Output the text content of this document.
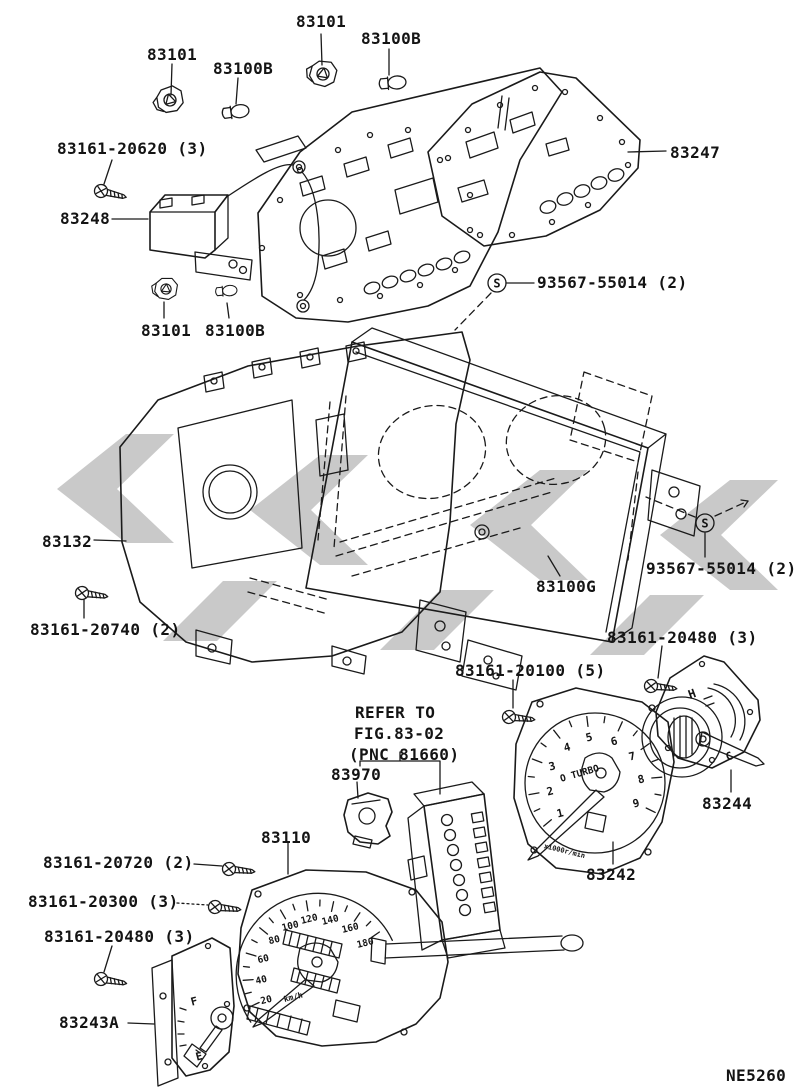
S
S
1
2
3
4
5 6
7
8
9
O TURBO
x1000r/min
H
C
20
40
60
80
100 120 140
160
180
km/h
F
E
83101
83100B
83101
83100B
83161-20620 (3)	83247
83248
83101 83100B
93567-55014 (2)
83132
93567-55014 (2)
83100G
83161-20740 (2)	83161-20480 (3)
83161-20100 (5)
REFER TO
FIG.83-02
(PNC 81660)
83970
83110
83244
83161-20720 (2)
83242
83161-20300 (3)
83161-20480 (3)
83243A
NE5260
